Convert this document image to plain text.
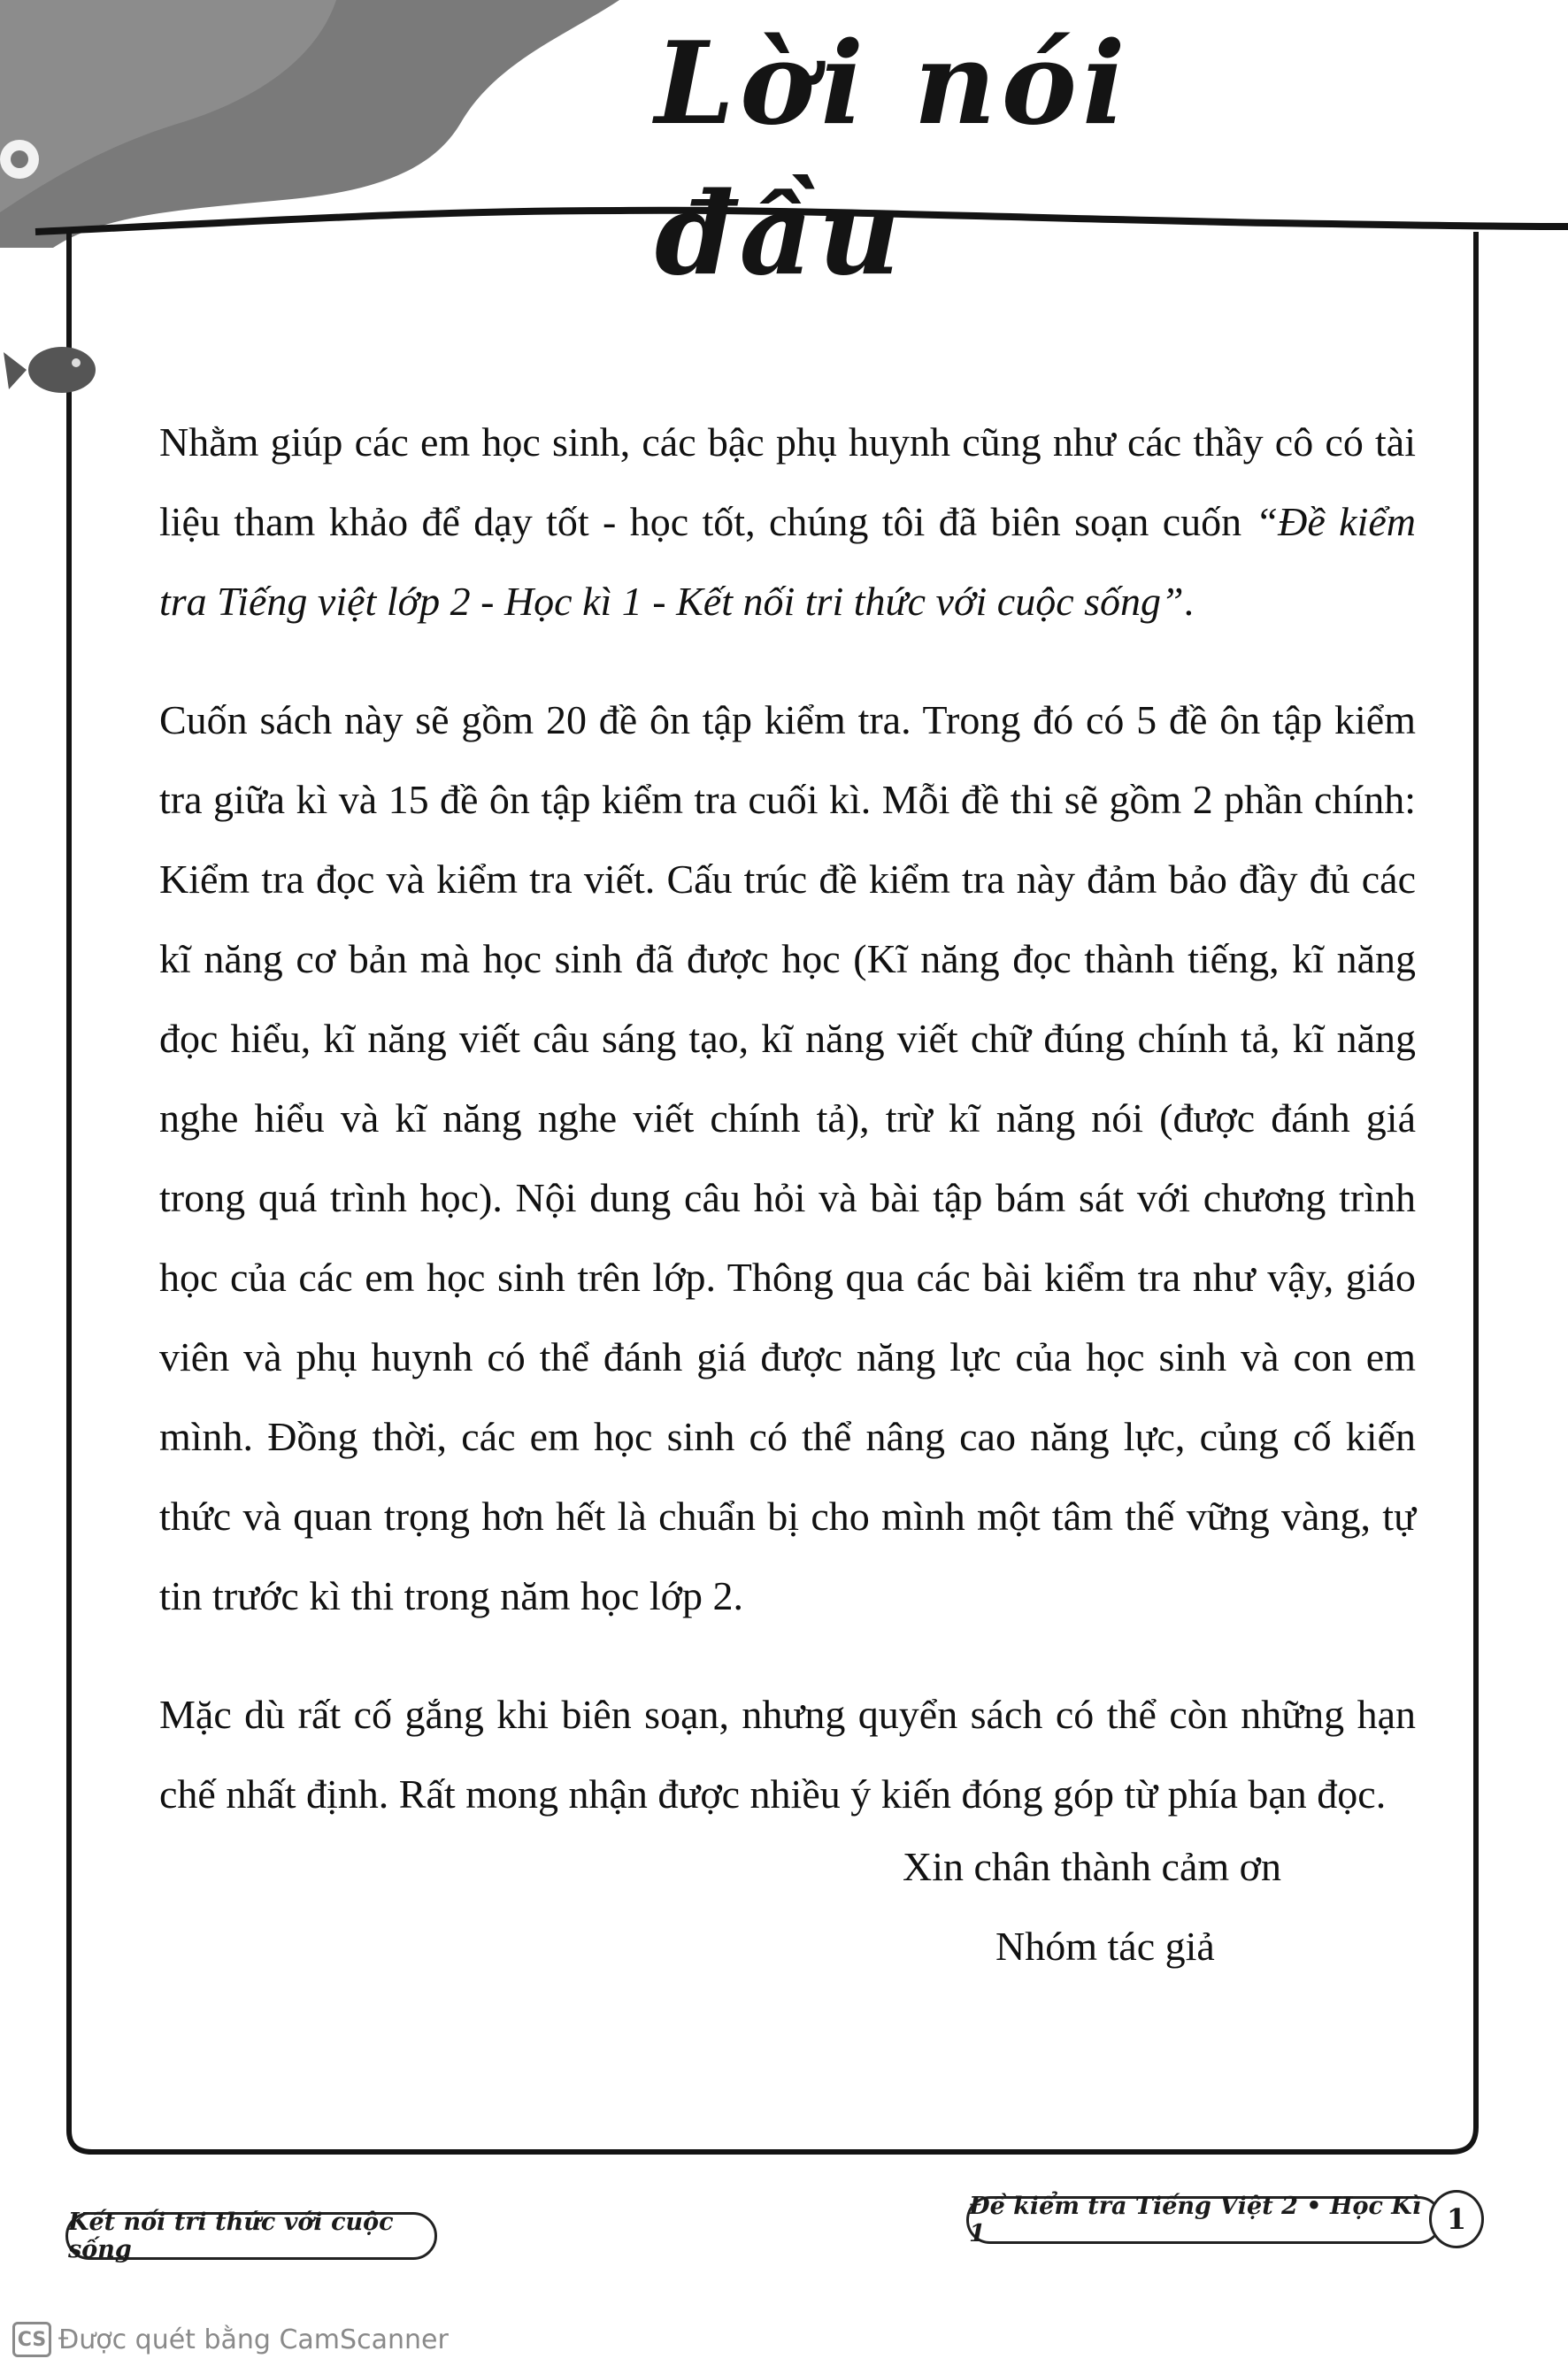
Lời nói đầu

Nhằm giúp các em học sinh, các bậc phụ huynh cũng như các thầy cô có tài liệu tham khảo để dạy tốt - học tốt, chúng tôi đã biên soạn cuốn “Đề kiểm tra Tiếng việt lớp 2 - Học kì 1 - Kết nối tri thức với cuộc sống”.

Cuốn sách này sẽ gồm 20 đề ôn tập kiểm tra. Trong đó có 5 đề ôn tập kiểm tra giữa kì và 15 đề ôn tập kiểm tra cuối kì. Mỗi đề thi sẽ gồm 2 phần chính: Kiểm tra đọc và kiểm tra viết. Cấu trúc đề kiểm tra này đảm bảo đầy đủ các kĩ năng cơ bản mà học sinh đã được học (Kĩ năng đọc thành tiếng, kĩ năng đọc hiểu, kĩ năng viết câu sáng tạo, kĩ năng viết chữ đúng chính tả, kĩ năng nghe hiểu và kĩ năng nghe viết chính tả), trừ kĩ năng nói (được đánh giá trong quá trình học). Nội dung câu hỏi và bài tập bám sát với chương trình học của các em học sinh trên lớp. Thông qua các bài kiểm tra như vậy, giáo viên và phụ huynh có thể đánh giá được năng lực của học sinh và con em mình. Đồng thời, các em học sinh có thể nâng cao năng lực, củng cố kiến thức và quan trọng hơn hết là chuẩn bị cho mình một tâm thế vững vàng, tự tin trước kì thi trong năm học lớp 2.

Mặc dù rất cố gắng khi biên soạn, nhưng quyển sách có thể còn những hạn chế nhất định. Rất mong nhận được nhiều ý kiến đóng góp từ phía bạn đọc.

Xin chân thành cảm ơn
Nhóm tác giả
Kết nối tri thức với cuộc sống
Đề kiểm tra Tiếng Việt 2 • Học Kì 1	1
CS Được quét bằng CamScanner
